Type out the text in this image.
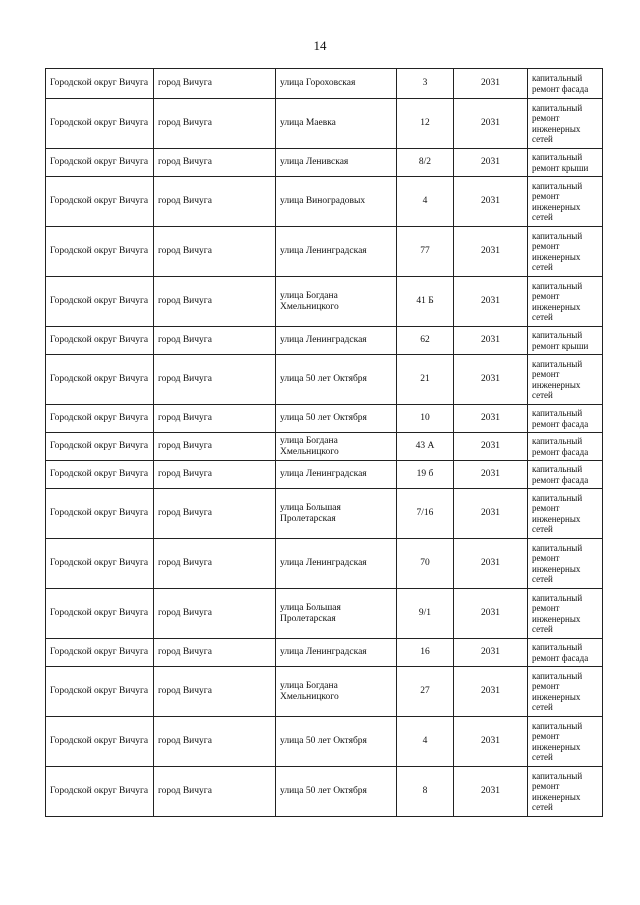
14
Городской округ Вичуга	город Вичуга	улица Гороховская	3	2031	капитальный ремонт фасада
Городской округ Вичуга	город Вичуга	улица Маевка	12	2031	капитальный ремонт инженерных сетей
Городской округ Вичуга	город Вичуга	улица Ленивская	8/2	2031	капитальный ремонт крыши
Городской округ Вичуга	город Вичуга	улица Виноградовых	4	2031	капитальный ремонт инженерных сетей
Городской округ Вичуга	город Вичуга	улица Ленинградская	77	2031	капитальный ремонт инженерных сетей
Городской округ Вичуга	город Вичуга	улица Богдана Хмельницкого	41 Б	2031	капитальный ремонт инженерных сетей
Городской округ Вичуга	город Вичуга	улица Ленинградская	62	2031	капитальный ремонт крыши
Городской округ Вичуга	город Вичуга	улица 50 лет Октября	21	2031	капитальный ремонт инженерных сетей
Городской округ Вичуга	город Вичуга	улица 50 лет Октября	10	2031	капитальный ремонт фасада
Городской округ Вичуга	город Вичуга	улица Богдана Хмельницкого	43 А	2031	капитальный ремонт фасада
Городской округ Вичуга	город Вичуга	улица Ленинградская	19 б	2031	капитальный ремонт фасада
Городской округ Вичуга	город Вичуга	улица Большая Пролетарская	7/16	2031	капитальный ремонт инженерных сетей
Городской округ Вичуга	город Вичуга	улица Ленинградская	70	2031	капитальный ремонт инженерных сетей
Городской округ Вичуга	город Вичуга	улица Большая Пролетарская	9/1	2031	капитальный ремонт инженерных сетей
Городской округ Вичуга	город Вичуга	улица Ленинградская	16	2031	капитальный ремонт фасада
Городской округ Вичуга	город Вичуга	улица Богдана Хмельницкого	27	2031	капитальный ремонт инженерных сетей
Городской округ Вичуга	город Вичуга	улица 50 лет Октября	4	2031	капитальный ремонт инженерных сетей
Городской округ Вичуга	город Вичуга	улица 50 лет Октября	8	2031	капитальный ремонт инженерных сетей
